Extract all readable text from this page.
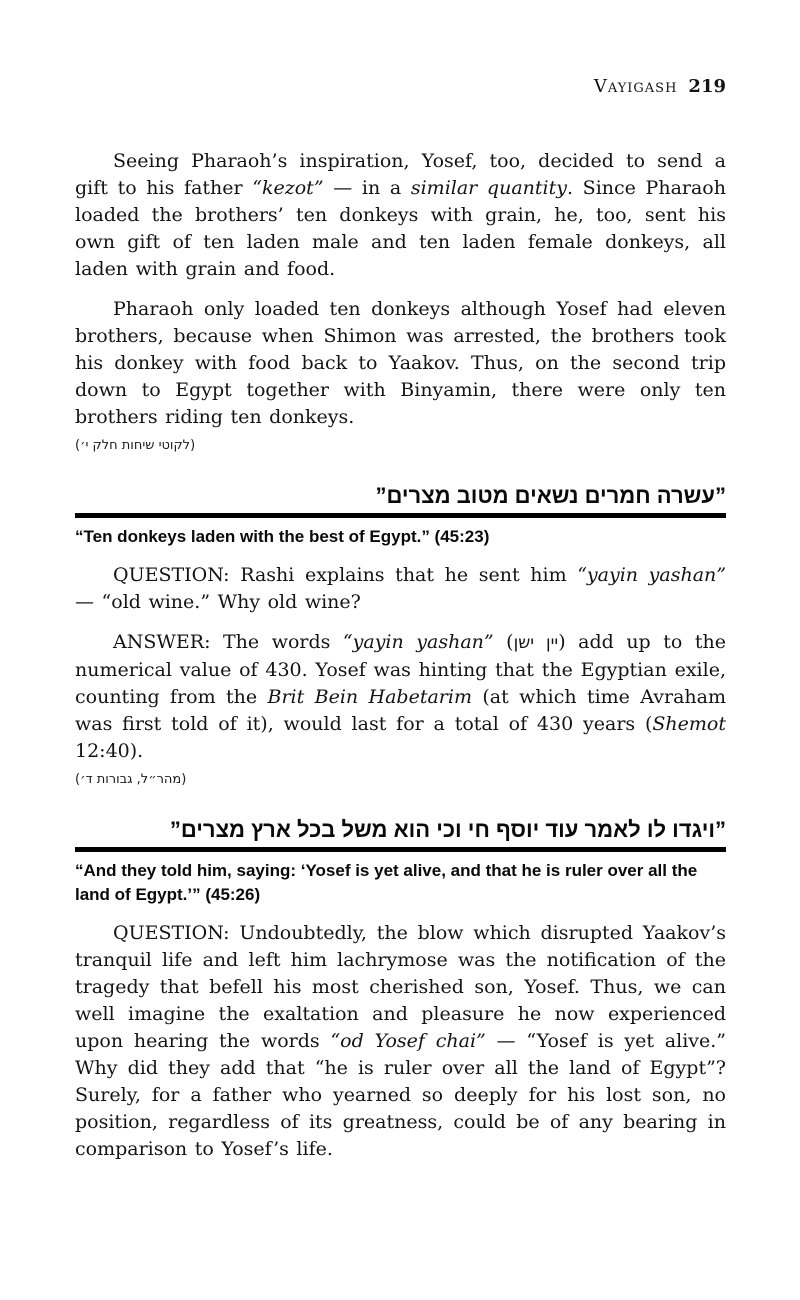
Vayigash 219

Seeing Pharaoh’s inspiration, Yosef, too, decided to send a gift to his father “kezot” — in a similar quantity. Since Pharaoh loaded the brothers’ ten donkeys with grain, he, too, sent his own gift of ten laden male and ten laden female donkeys, all laden with grain and food.

Pharaoh only loaded ten donkeys although Yosef had eleven brothers, because when Shimon was arrested, the brothers took his donkey with food back to Yaakov. Thus, on the second trip down to Egypt together with Binyamin, there were only ten brothers riding ten donkeys.

(לקוטי שיחות חלק י׳)
”עשרה חמרים נשאים מטוב מצרים”

“Ten donkeys laden with the best of Egypt.” (45:23)

QUESTION: Rashi explains that he sent him “yayin yashan” — “old wine.” Why old wine?

ANSWER: The words “yayin yashan” (יין ישן) add up to the numerical value of 430. Yosef was hinting that the Egyptian exile, counting from the Brit Bein Habetarim (at which time Avraham was first told of it), would last for a total of 430 years (Shemot 12:40).

(מהר״ל, גבורות ד׳)
”ויגדו לו לאמר עוד יוסף חי וכי הוא משל בכל ארץ מצרים”

“And they told him, saying: ‘Yosef is yet alive, and that he is ruler over all the land of Egypt.’” (45:26)

QUESTION: Undoubtedly, the blow which disrupted Yaakov’s tranquil life and left him lachrymose was the notification of the tragedy that befell his most cherished son, Yosef. Thus, we can well imagine the exaltation and pleasure he now experienced upon hearing the words “od Yosef chai” — “Yosef is yet alive.” Why did they add that “he is ruler over all the land of Egypt”? Surely, for a father who yearned so deeply for his lost son, no position, regardless of its greatness, could be of any bearing in comparison to Yosef’s life.
